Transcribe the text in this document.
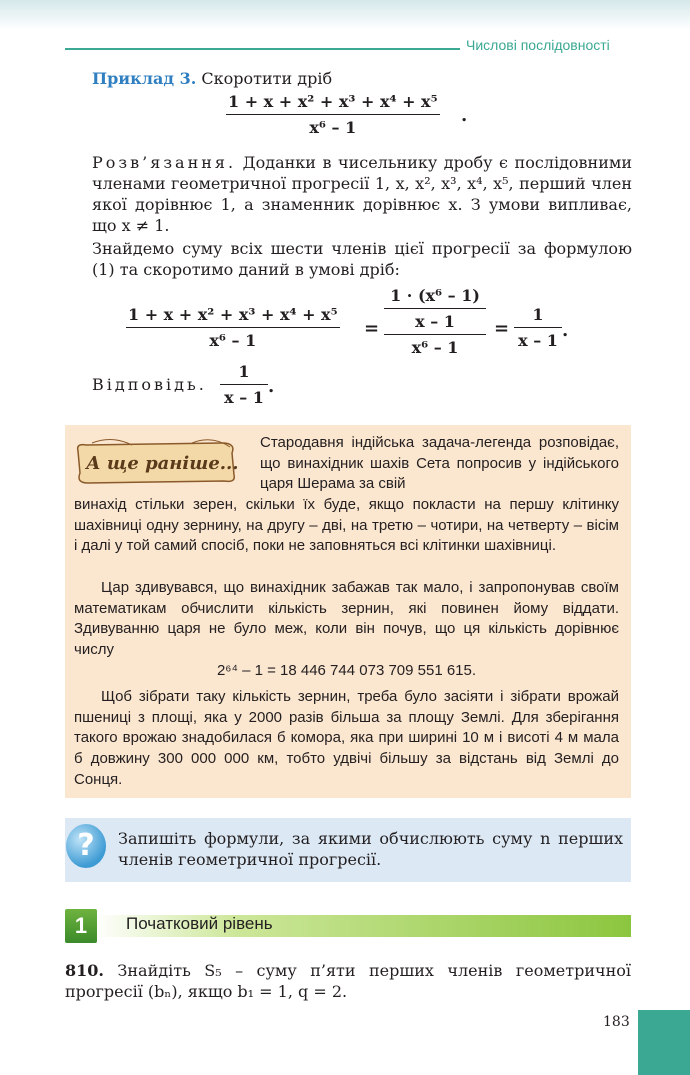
Числові послідовності
Приклад 3. Скоротити дріб
$\frac{\text{1 + x + x² + x³ + x⁴ + x⁵}}{\text{x⁶ – 1}}$ .
Розв’язання. Доданки в чисельнику дробу є послідовними членами геометричної прогресії 1, x, x², x³, x⁴, x⁵, перший член якої дорівнює 1, а знаменник дорівнює x. З умови випливає, що x ≠ 1.
Знайдемо суму всіх шести членів цієї прогресії за формулою (1) та скоротимо даний в умові дріб:
$\frac{\text{1 + x + x² + x³ + x⁴ + x⁵}}{\text{x⁶ – 1}}$ =
1 · (x⁶ – 1)
x – 1
x⁶ – 1
= $\frac{1}{x - 1}$ .
Відповідь. $\frac{1}{x - 1}$ .
А ще раніше...
Стародавня індійська задача-легенда розповідає, що винахідник шахів Сета попросив у індійського царя Шерама за свій
винахід стільки зерен, скільки їх буде, якщо покласти на першу клітинку шахівниці одну зернину, на другу – дві, на третю – чотири, на четверту – вісім і далі у той самий спосіб, поки не заповняться всі клітинки шахівниці.
Цар здивувався, що винахідник забажав так мало, і запропонував своїм математикам обчислити кількість зернин, які повинен йому віддати. Здивуванню царя не було меж, коли він почув, що ця кількість дорівнює числу
2⁶⁴ – 1 = 18 446 744 073 709 551 615.
Щоб зібрати таку кількість зернин, треба було засіяти і зібрати врожай пшениці з площі, яка у 2000 разів більша за площу Землі. Для зберігання такого врожаю знадобилася б комора, яка при ширині 10 м і висоті 4 м мала б довжину 300 000 000 км, тобто удвічі більшу за відстань від Землі до Сонця.
?	Запишіть формули, за якими обчислюють суму n перших членів геометричної прогресії.
1	Початковий рівень
810. Знайдіть S₅ – суму п’яти перших членів геометричної прогресії (bₙ), якщо b₁ = 1, q = 2.
183
